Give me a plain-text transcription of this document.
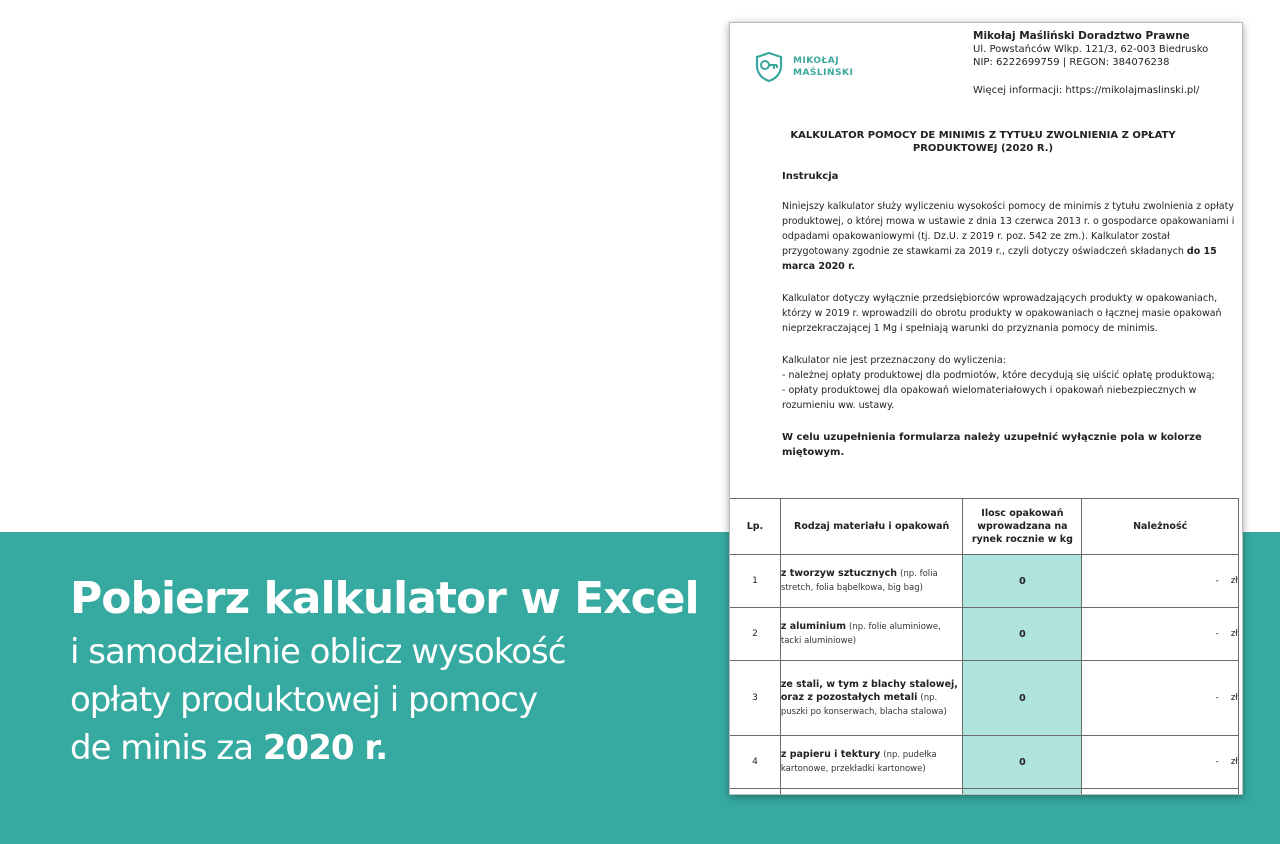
Pobierz kalkulator w Excel
i samodzielnie oblicz wysokość
opłaty produktowej i pomocy
de minis za 2020 r.
MIKOŁAJ
MAŚLIŃSKI
Mikołaj Maśliński Doradztwo Prawne
Ul. Powstańców Wlkp. 121/3, 62-003 Biedrusko
NIP: 6222699759 | REGON: 384076238
Więcej informacji: https://mikolajmaslinski.pl/
KALKULATOR POMOCY DE MINIMIS Z TYTUŁU ZWOLNIENIA Z OPŁATY PRODUKTOWEJ (2020 R.)

Instrukcja

Niniejszy kalkulator służy wyliczeniu wysokości pomocy de minimis z tytułu zwolnienia z opłaty produktowej, o której mowa w ustawie z dnia 13 czerwca 2013 r. o gospodarce opakowaniami i odpadami opakowaniowymi (tj. Dz.U. z 2019 r. poz. 542 ze zm.). Kalkulator został przygotowany zgodnie ze stawkami za 2019 r., czyli dotyczy oświadczeń składanych do 15 marca 2020 r.

Kalkulator dotyczy wyłącznie przedsiębiorców wprowadzających produkty w opakowaniach, którzy w 2019 r. wprowadzili do obrotu produkty w opakowaniach o łącznej masie opakowań nieprzekraczającej 1 Mg i spełniają warunki do przyznania pomocy de minimis.

Kalkulator nie jest przeznaczony do wyliczenia:
- należnej opłaty produktowej dla podmiotów, które decydują się uiścić opłatę produktową;
- opłaty produktowej dla opakowań wielomateriałowych i opakowań niebezpiecznych w rozumieniu ww. ustawy.

W celu uzupełnienia formularza należy uzupełnić wyłącznie pola w kolorze miętowym.
Lp.	Rodzaj materiału i opakowań	Ilosc opakowań wprowadzana na rynek rocznie w kg	Należność
1	z tworzyw sztucznych (np. folia stretch, folia bąbelkowa, big bag)	0	- zł
2	z aluminium (np. folie aluminiowe, tacki aluminiowe)	0	- zł
3	ze stali, w tym z blachy stalowej, oraz z pozostałych metali (np. puszki po konserwach, blacha stalowa)	0	- zł
4	z papieru i tektury (np. pudełka kartonowe, przekładki kartonowe)	0	- zł
